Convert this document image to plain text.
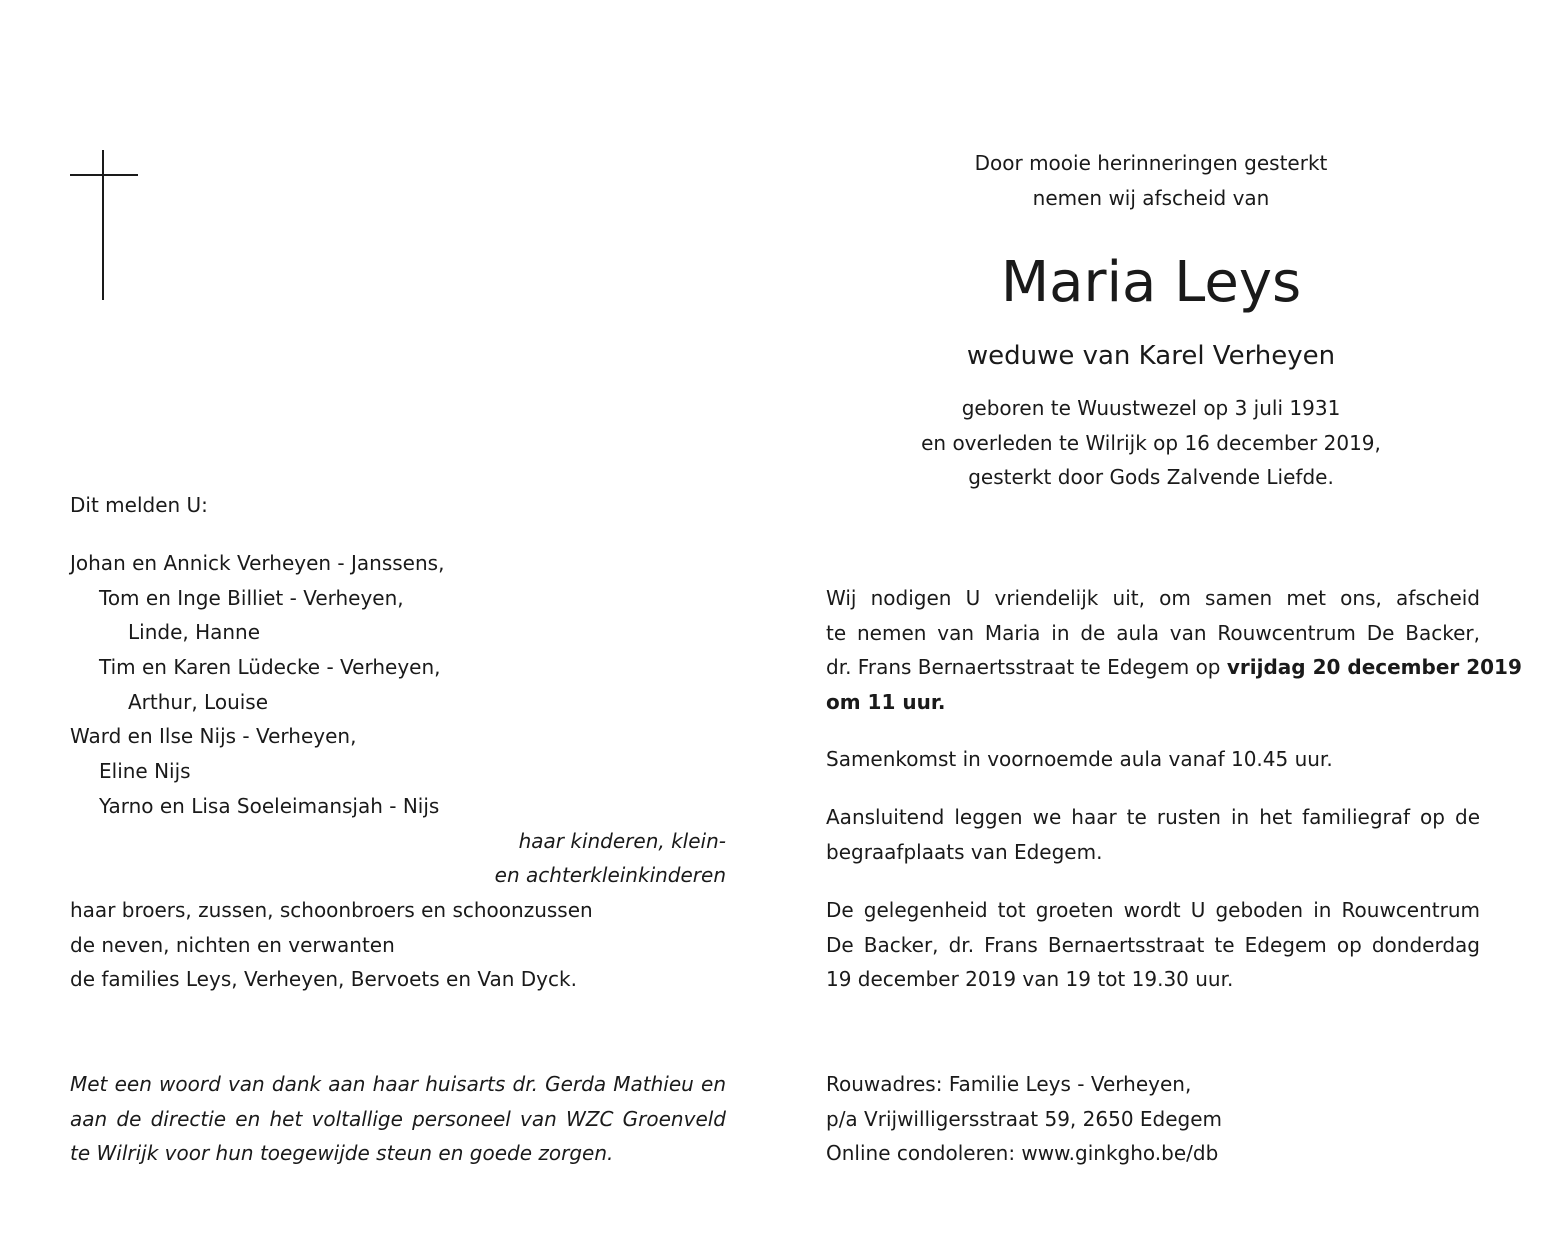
Door mooie herinneringen gesterkt
nemen wij afscheid van
Maria Leys
weduwe van Karel Verheyen
geboren te Wuustwezel op 3 juli 1931
en overleden te Wilrijk op 16 december 2019,
gesterkt door Gods Zalvende Liefde.
Dit melden U:
Johan en Annick Verheyen - Janssens,
Tom en Inge Billiet - Verheyen,
Linde, Hanne
Tim en Karen Lüdecke - Verheyen,
Arthur, Louise
Ward en Ilse Nijs - Verheyen,
Eline Nijs
Yarno en Lisa Soeleimansjah - Nijs
haar kinderen, klein-
en achterkleinkinderen
haar broers, zussen, schoonbroers en schoonzussen
de neven, nichten en verwanten
de families Leys, Verheyen, Bervoets en Van Dyck.
Met een woord van dank aan haar huisarts dr. Gerda Mathieu en
aan de directie en het voltallige personeel van WZC Groenveld
te Wilrijk voor hun toegewijde steun en goede zorgen.
Wij nodigen U vriendelijk uit, om samen met ons, afscheid
te nemen van Maria in de aula van Rouwcentrum De Backer,
dr. Frans Bernaertsstraat te Edegem op vrijdag 20 december 2019
om 11 uur.
Samenkomst in voornoemde aula vanaf 10.45 uur.
Aansluitend leggen we haar te rusten in het familiegraf op de
begraafplaats van Edegem.
De gelegenheid tot groeten wordt U geboden in Rouwcentrum
De Backer, dr. Frans Bernaertsstraat te Edegem op donderdag
19 december 2019 van 19 tot 19.30 uur.
Rouwadres: Familie Leys - Verheyen,
p/a Vrijwilligersstraat 59, 2650 Edegem
Online condoleren: www.ginkgho.be/db
